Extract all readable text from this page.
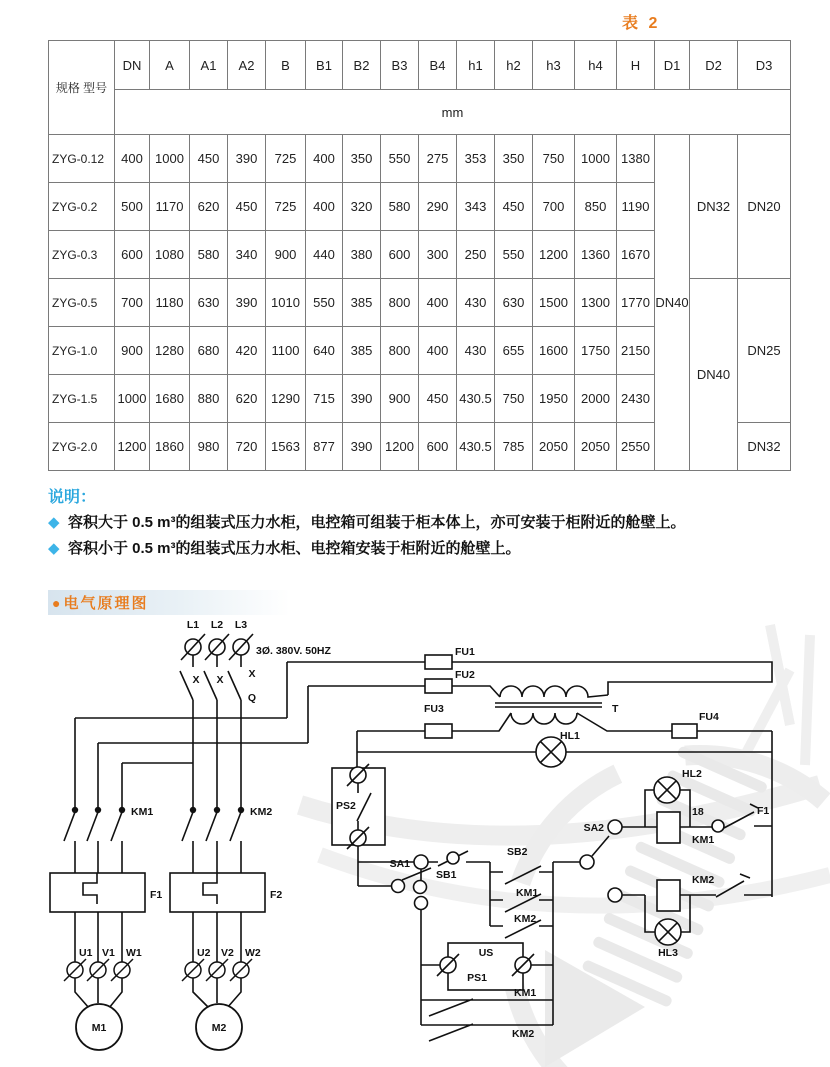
表 2
规格 型号	DN	A	A1	A2	B	B1	B2	B3	B4	h1	h2	h3	h4	H	D1	D2	D3
	mm																
ZYG-0.12	400	1000	450	390	725	400	350	550	275	353	350	750	1000	1380	DN40	DN32	DN20
ZYG-0.2	500	1170	620	450	725	400	320	580	290	343	450	700	850	1190			
ZYG-0.3	600	1080	580	340	900	440	380	600	300	250	550	1200	1360	1670			
ZYG-0.5	700	1180	630	390	1010	550	385	800	400	430	630	1500	1300	1770		DN40	DN25
ZYG-1.0	900	1280	680	420	1100	640	385	800	400	430	655	1600	1750	2150			
ZYG-1.5	1000	1680	880	620	1290	715	390	900	450	430.5	750	1950	2000	2430			
ZYG-2.0	1200	1860	980	720	1563	877	390	1200	600	430.5	785	2050	2050	2550			DN32
说明：
◆ 容积大于 0.5 m³的组装式压力水柜，电控箱可组装于柜本体上，亦可安装于柜附近的舱壁上。
◆ 容积小于 0.5 m³的组装式压力水柜、电控箱安装于柜附近的舱壁上。
● 电气原理图
L1 L2 L3
3Ø. 380V. 50HZ
X X X
Q
KM1	KM2
F1	F2
U1 V1 W1	U2 V2 W2
M1	M2
FU1
FU2
FU3
FU4
T
HL1
PS2
SA1
SB1
SB2
KM1
KM2
SA2
US
PS1
KM1
KM2
HL2
KM1
18	F1
KM2
HL3
